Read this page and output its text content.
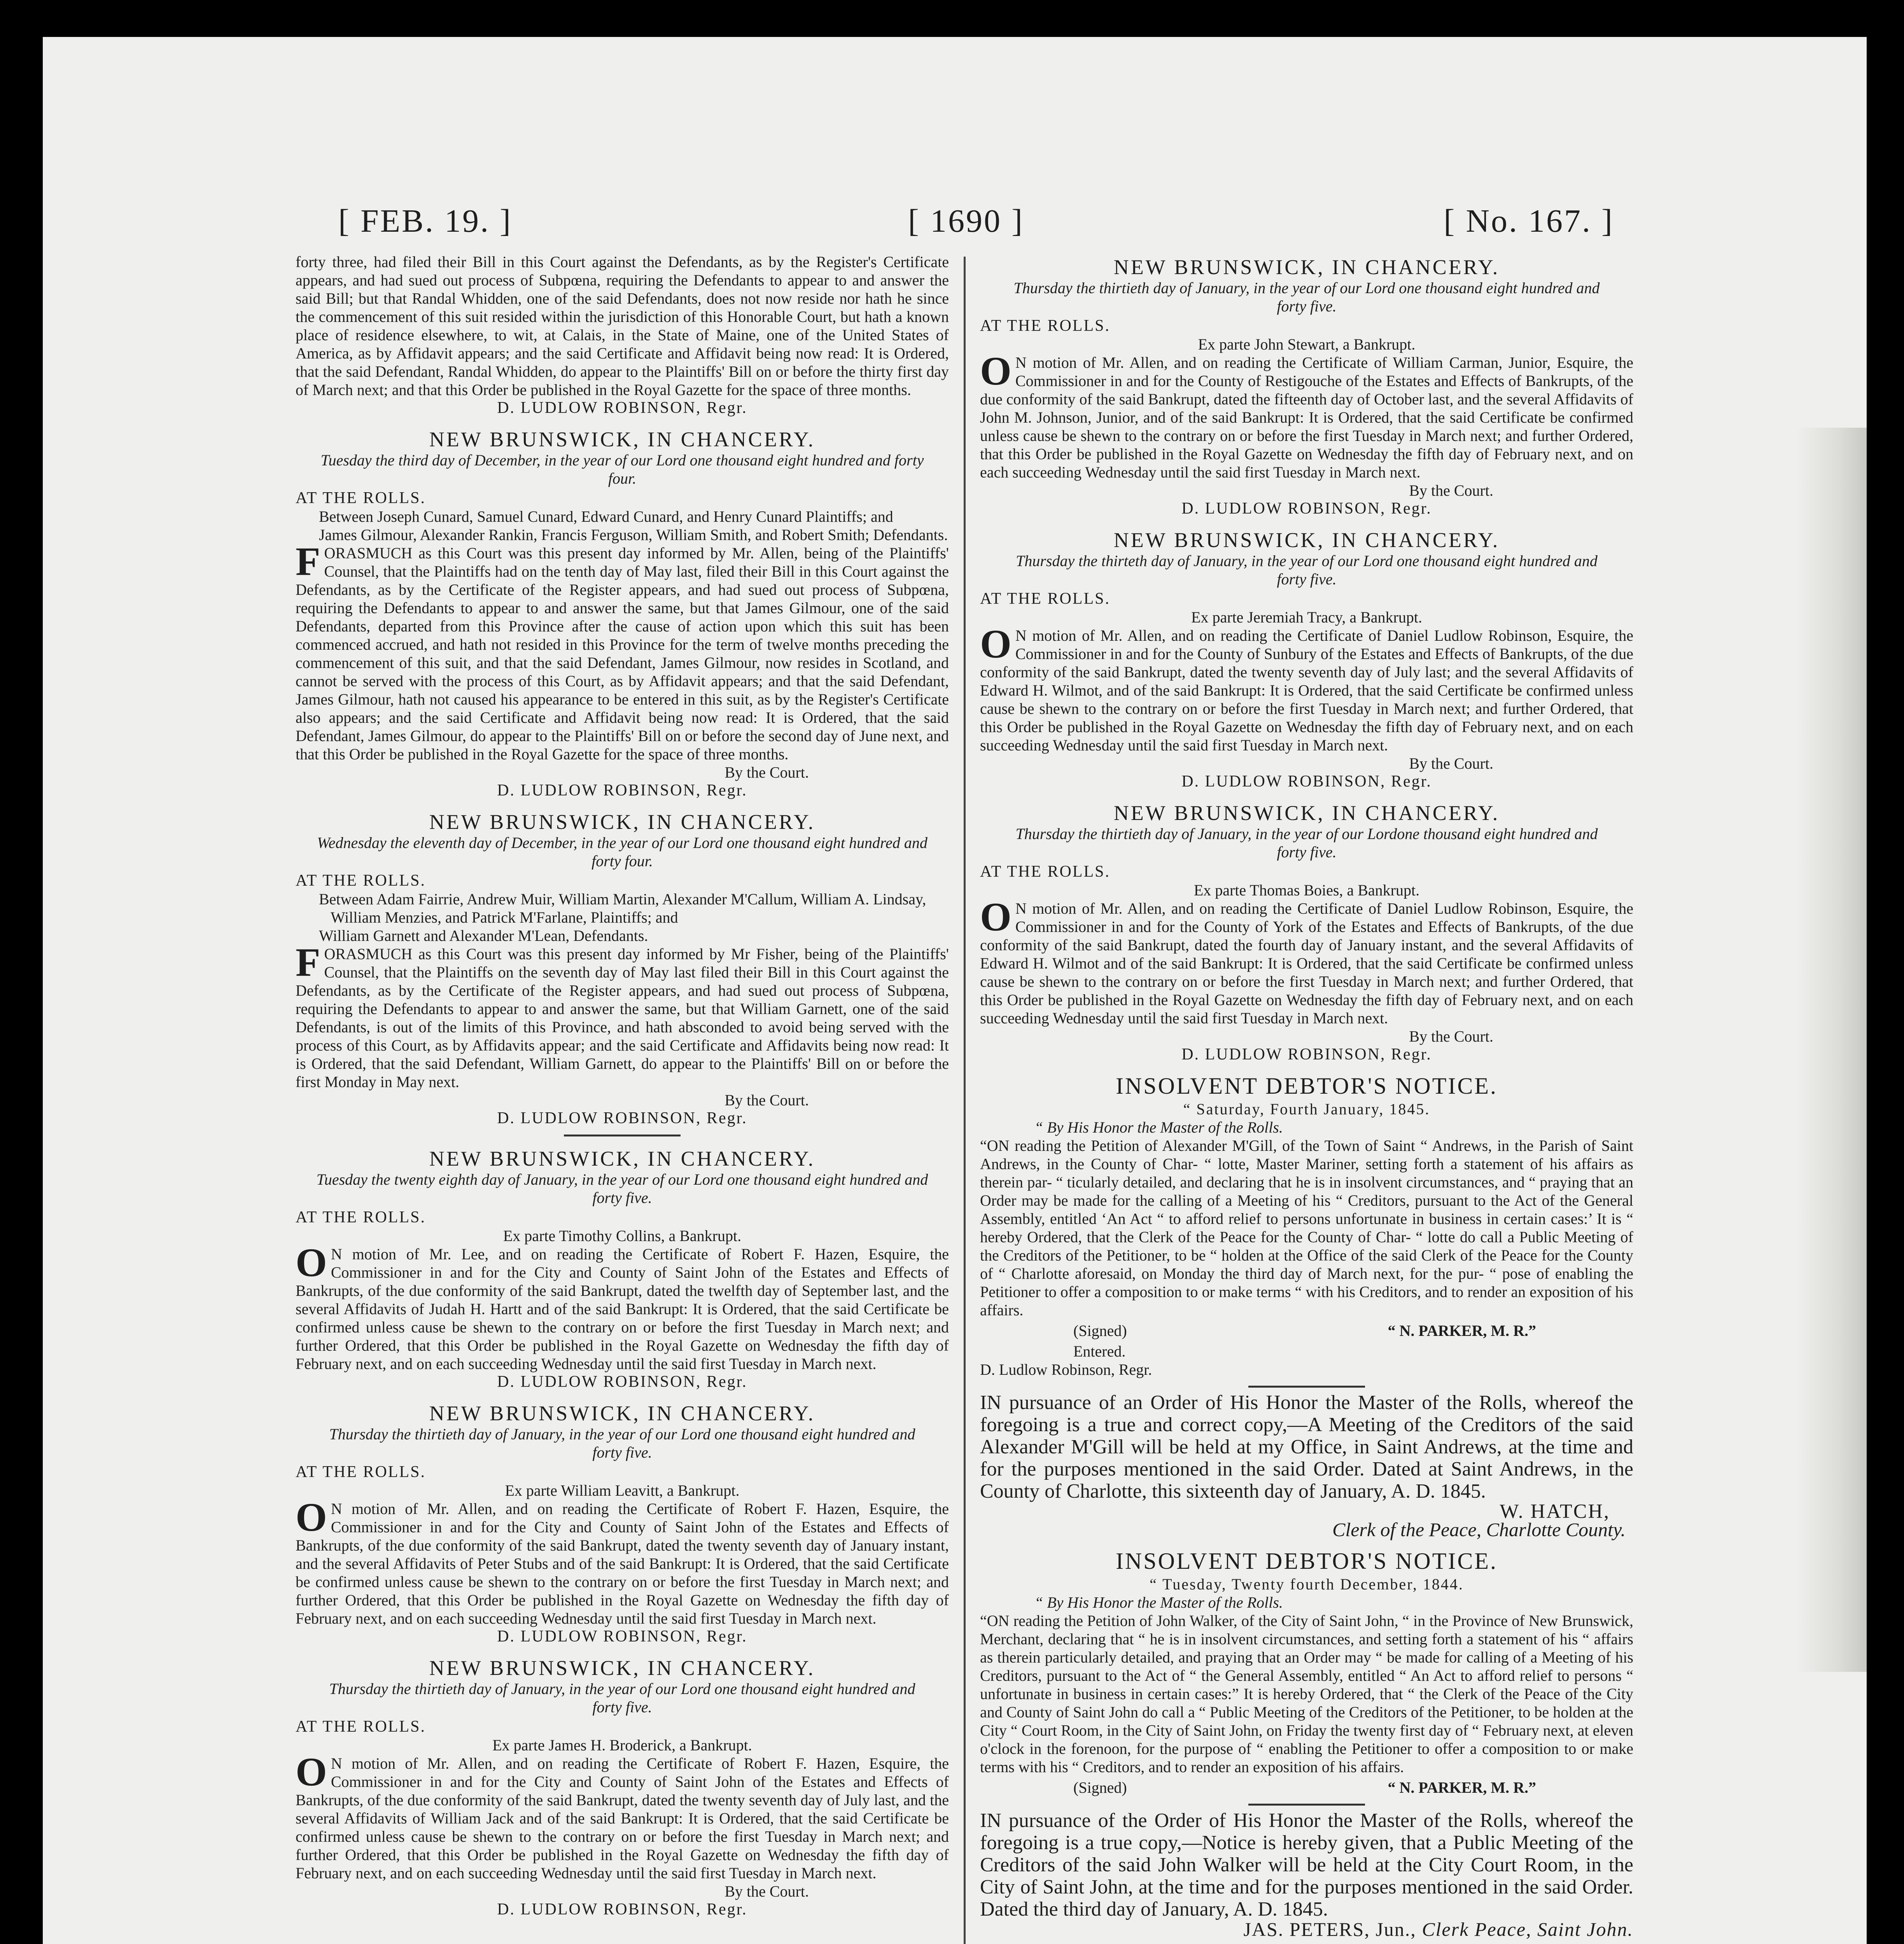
[ FEB. 19. ]	[ 1690 ]	[ No. 167. ]

forty three, had filed their Bill in this Court against the Defendants, as by the Register's Certificate appears, and had sued out process of Subpœna, requiring the Defendants to appear to and answer the said Bill; but that Randal Whidden, one of the said Defendants, does not now reside nor hath he since the commencement of this suit resided within the jurisdiction of this Honorable Court, but hath a known place of residence elsewhere, to wit, at Calais, in the State of Maine, one of the United States of America, as by Affidavit appears; and the said Certificate and Affidavit being now read: It is Ordered, that the said Defendant, Randal Whidden, do appear to the Plaintiffs' Bill on or before the thirty first day of March next; and that this Order be published in the Royal Gazette for the space of three months.

D. LUDLOW ROBINSON, Regr.

NEW BRUNSWICK, IN CHANCERY.

Tuesday the third day of December, in the year of our Lord one thousand eight hundred and forty four.

AT THE ROLLS.

Between Joseph Cunard, Samuel Cunard, Edward Cunard, and Henry Cunard Plaintiffs; and

James Gilmour, Alexander Rankin, Francis Ferguson, William Smith, and Robert Smith; Defendants.

FORASMUCH as this Court was this present day informed by Mr. Allen, being of the Plaintiffs' Counsel, that the Plaintiffs had on the tenth day of May last, filed their Bill in this Court against the Defendants, as by the Certificate of the Register appears, and had sued out process of Subpœna, requiring the Defendants to appear to and answer the same, but that James Gilmour, one of the said Defendants, departed from this Province after the cause of action upon which this suit has been commenced accrued, and hath not resided in this Province for the term of twelve months preceding the commencement of this suit, and that the said Defendant, James Gilmour, now resides in Scotland, and cannot be served with the process of this Court, as by Affidavit appears; and that the said Defendant, James Gilmour, hath not caused his appearance to be entered in this suit, as by the Register's Certificate also appears; and the said Certificate and Affidavit being now read: It is Ordered, that the said Defendant, James Gilmour, do appear to the Plaintiffs' Bill on or before the second day of June next, and that this Order be published in the Royal Gazette for the space of three months.

By the Court.

D. LUDLOW ROBINSON, Regr.

NEW BRUNSWICK, IN CHANCERY.

Wednesday the eleventh day of December, in the year of our Lord one thousand eight hundred and forty four.

AT THE ROLLS.

Between Adam Fairrie, Andrew Muir, William Martin, Alexander M'Callum, William A. Lindsay, William Menzies, and Patrick M'Farlane, Plaintiffs; and

William Garnett and Alexander M'Lean, Defendants.

FORASMUCH as this Court was this present day informed by Mr Fisher, being of the Plaintiffs' Counsel, that the Plaintiffs on the seventh day of May last filed their Bill in this Court against the Defendants, as by the Certificate of the Register appears, and had sued out process of Subpœna, requiring the Defendants to appear to and answer the same, but that William Garnett, one of the said Defendants, is out of the limits of this Province, and hath absconded to avoid being served with the process of this Court, as by Affidavits appear; and the said Certificate and Affidavits being now read: It is Ordered, that the said Defendant, William Garnett, do appear to the Plaintiffs' Bill on or before the first Monday in May next.

By the Court.

D. LUDLOW ROBINSON, Regr.

NEW BRUNSWICK, IN CHANCERY.

Tuesday the twenty eighth day of January, in the year of our Lord one thousand eight hundred and forty five.

AT THE ROLLS.

Ex parte Timothy Collins, a Bankrupt.

ON motion of Mr. Lee, and on reading the Certificate of Robert F. Hazen, Esquire, the Commissioner in and for the City and County of Saint John of the Estates and Effects of Bankrupts, of the due conformity of the said Bankrupt, dated the twelfth day of September last, and the several Affidavits of Judah H. Hartt and of the said Bankrupt: It is Ordered, that the said Certificate be confirmed unless cause be shewn to the contrary on or before the first Tuesday in March next; and further Ordered, that this Order be published in the Royal Gazette on Wednesday the fifth day of February next, and on each succeeding Wednesday until the said first Tuesday in March next.

D. LUDLOW ROBINSON, Regr.

NEW BRUNSWICK, IN CHANCERY.

Thursday the thirtieth day of January, in the year of our Lord one thousand eight hundred and forty five.

AT THE ROLLS.

Ex parte William Leavitt, a Bankrupt.

ON motion of Mr. Allen, and on reading the Certificate of Robert F. Hazen, Esquire, the Commissioner in and for the City and County of Saint John of the Estates and Effects of Bankrupts, of the due conformity of the said Bankrupt, dated the twenty seventh day of January instant, and the several Affidavits of Peter Stubs and of the said Bankrupt: It is Ordered, that the said Certificate be confirmed unless cause be shewn to the contrary on or before the first Tuesday in March next; and further Ordered, that this Order be published in the Royal Gazette on Wednesday the fifth day of February next, and on each succeeding Wednesday until the said first Tuesday in March next.

D. LUDLOW ROBINSON, Regr.

NEW BRUNSWICK, IN CHANCERY.

Thursday the thirtieth day of January, in the year of our Lord one thousand eight hundred and forty five.

AT THE ROLLS.

Ex parte James H. Broderick, a Bankrupt.

ON motion of Mr. Allen, and on reading the Certificate of Robert F. Hazen, Esquire, the Commissioner in and for the City and County of Saint John of the Estates and Effects of Bankrupts, of the due conformity of the said Bankrupt, dated the twenty seventh day of July last, and the several Affidavits of William Jack and of the said Bankrupt: It is Ordered, that the said Certificate be confirmed unless cause be shewn to the contrary on or before the first Tuesday in March next; and further Ordered, that this Order be published in the Royal Gazette on Wednesday the fifth day of February next, and on each succeeding Wednesday until the said first Tuesday in March next.

By the Court.

D. LUDLOW ROBINSON, Regr.

NEW BRUNSWICK, IN CHANCERY.

Thursday the thirtieth day of January, in the year of our Lord one thousand eight hundred and forty five.

AT THE ROLLS.

Ex parte John Stewart, a Bankrupt.

ON motion of Mr. Allen, and on reading the Certificate of William Carman, Junior, Esquire, the Commissioner in and for the County of Restigouche of the Estates and Effects of Bankrupts, of the due conformity of the said Bankrupt, dated the fifteenth day of October last, and the several Affidavits of John M. Johnson, Junior, and of the said Bankrupt: It is Ordered, that the said Certificate be confirmed unless cause be shewn to the contrary on or before the first Tuesday in March next; and further Ordered, that this Order be published in the Royal Gazette on Wednesday the fifth day of February next, and on each succeeding Wednesday until the said first Tuesday in March next.

By the Court.

D. LUDLOW ROBINSON, Regr.

NEW BRUNSWICK, IN CHANCERY.

Thursday the thirteth day of January, in the year of our Lord one thousand eight hundred and forty five.

AT THE ROLLS.

Ex parte Jeremiah Tracy, a Bankrupt.

ON motion of Mr. Allen, and on reading the Certificate of Daniel Ludlow Robinson, Esquire, the Commissioner in and for the County of Sunbury of the Estates and Effects of Bankrupts, of the due conformity of the said Bankrupt, dated the twenty seventh day of July last; and the several Affidavits of Edward H. Wilmot, and of the said Bankrupt: It is Ordered, that the said Certificate be confirmed unless cause be shewn to the contrary on or before the first Tuesday in March next; and further Ordered, that this Order be published in the Royal Gazette on Wednesday the fifth day of February next, and on each succeeding Wednesday until the said first Tuesday in March next.

By the Court.

D. LUDLOW ROBINSON, Regr.

NEW BRUNSWICK, IN CHANCERY.

Thursday the thirtieth day of January, in the year of our Lordone thousand eight hundred and forty five.

AT THE ROLLS.

Ex parte Thomas Boies, a Bankrupt.

ON motion of Mr. Allen, and on reading the Certificate of Daniel Ludlow Robinson, Esquire, the Commissioner in and for the County of York of the Estates and Effects of Bankrupts, of the due conformity of the said Bankrupt, dated the fourth day of January instant, and the several Affidavits of Edward H. Wilmot and of the said Bankrupt: It is Ordered, that the said Certificate be confirmed unless cause be shewn to the contrary on or before the first Tuesday in March next; and further Ordered, that this Order be published in the Royal Gazette on Wednesday the fifth day of February next, and on each succeeding Wednesday until the said first Tuesday in March next.

By the Court.

D. LUDLOW ROBINSON, Regr.

INSOLVENT DEBTOR'S NOTICE.

“ Saturday, Fourth January, 1845.

“ By His Honor the Master of the Rolls.

“ON reading the Petition of Alexander M'Gill, of the Town of Saint “ Andrews, in the Parish of Saint Andrews, in the County of Char- “ lotte, Master Mariner, setting forth a statement of his affairs as therein par- “ ticularly detailed, and declaring that he is in insolvent circumstances, and “ praying that an Order may be made for the calling of a Meeting of his “ Creditors, pursuant to the Act of the General Assembly, entitled ‘An Act “ to afford relief to persons unfortunate in business in certain cases:’ It is “ hereby Ordered, that the Clerk of the Peace for the County of Char- “ lotte do call a Public Meeting of the Creditors of the Petitioner, to be “ holden at the Office of the said Clerk of the Peace for the County of “ Charlotte aforesaid, on Monday the third day of March next, for the pur- “ pose of enabling the Petitioner to offer a composition to or make terms “ with his Creditors, and to render an exposition of his affairs.

(Signed)	“ N. PARKER, M. R.”

Entered.

D. Ludlow Robinson, Regr.

IN pursuance of an Order of His Honor the Master of the Rolls, whereof the foregoing is a true and correct copy,—A Meeting of the Creditors of the said Alexander M'Gill will be held at my Office, in Saint Andrews, at the time and for the purposes mentioned in the said Order. Dated at Saint Andrews, in the County of Charlotte, this sixteenth day of January, A. D. 1845.

W. HATCH,

Clerk of the Peace, Charlotte County.

INSOLVENT DEBTOR'S NOTICE.

“ Tuesday, Twenty fourth December, 1844.

“ By His Honor the Master of the Rolls.

“ON reading the Petition of John Walker, of the City of Saint John, “ in the Province of New Brunswick, Merchant, declaring that “ he is in insolvent circumstances, and setting forth a statement of his “ affairs as therein particularly detailed, and praying that an Order may “ be made for calling of a Meeting of his Creditors, pursuant to the Act of “ the General Assembly, entitled “ An Act to afford relief to persons “ unfortunate in business in certain cases:” It is hereby Ordered, that “ the Clerk of the Peace of the City and County of Saint John do call a “ Public Meeting of the Creditors of the Petitioner, to be holden at the City “ Court Room, in the City of Saint John, on Friday the twenty first day of “ February next, at eleven o'clock in the forenoon, for the purpose of “ enabling the Petitioner to offer a composition to or make terms with his “ Creditors, and to render an exposition of his affairs.

(Signed)	“ N. PARKER, M. R.”

IN pursuance of the Order of His Honor the Master of the Rolls, whereof the foregoing is a true copy,—Notice is hereby given, that a Public Meeting of the Creditors of the said John Walker will be held at the City Court Room, in the City of Saint John, at the time and for the purposes mentioned in the said Order. Dated the third day of January, A. D. 1845.

JAS. PETERS, Jun., Clerk Peace, Saint John.
